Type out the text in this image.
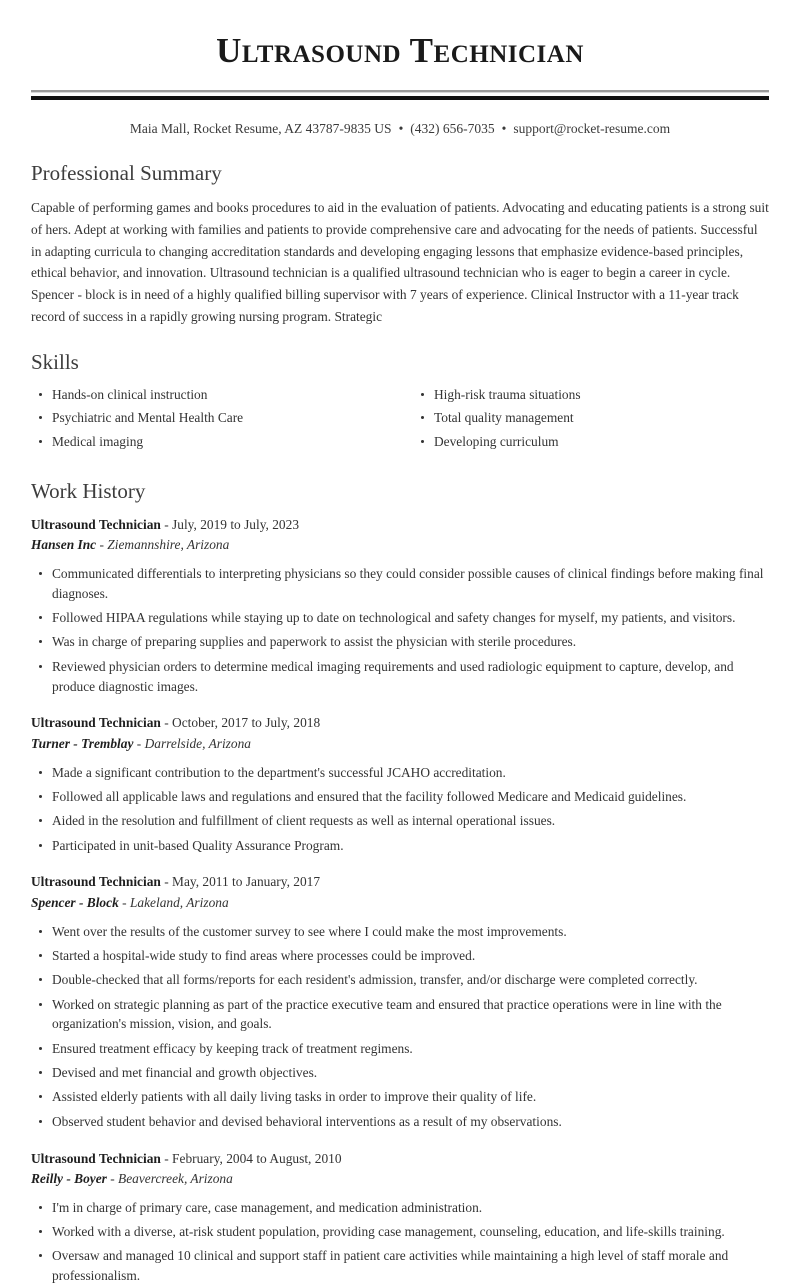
Ultrasound Technician
Maia Mall, Rocket Resume, AZ 43787-9835 US • (432) 656-7035 • support@rocket-resume.com
Professional Summary

Capable of performing games and books procedures to aid in the evaluation of patients. Advocating and educating patients is a strong suit of hers. Adept at working with families and patients to provide comprehensive care and advocating for the needs of patients. Successful in adapting curricula to changing accreditation standards and developing engaging lessons that emphasize evidence-based principles, ethical behavior, and innovation. Ultrasound technician is a qualified ultrasound technician who is eager to begin a career in cycle. Spencer - block is in need of a highly qualified billing supervisor with 7 years of experience. Clinical Instructor with a 11-year track record of success in a rapidly growing nursing program. Strategic

Skills
Hands-on clinical instruction
Psychiatric and Mental Health Care
Medical imaging
High-risk trauma situations
Total quality management
Developing curriculum
Work History
Ultrasound Technician - July, 2019 to July, 2023
Hansen Inc - Ziemannshire, Arizona
Communicated differentials to interpreting physicians so they could consider possible causes of clinical findings before making final diagnoses.
Followed HIPAA regulations while staying up to date on technological and safety changes for myself, my patients, and visitors.
Was in charge of preparing supplies and paperwork to assist the physician with sterile procedures.
Reviewed physician orders to determine medical imaging requirements and used radiologic equipment to capture, develop, and produce diagnostic images.
Ultrasound Technician - October, 2017 to July, 2018
Turner - Tremblay - Darrelside, Arizona
Made a significant contribution to the department's successful JCAHO accreditation.
Followed all applicable laws and regulations and ensured that the facility followed Medicare and Medicaid guidelines.
Aided in the resolution and fulfillment of client requests as well as internal operational issues.
Participated in unit-based Quality Assurance Program.
Ultrasound Technician - May, 2011 to January, 2017
Spencer - Block - Lakeland, Arizona
Went over the results of the customer survey to see where I could make the most improvements.
Started a hospital-wide study to find areas where processes could be improved.
Double-checked that all forms/reports for each resident's admission, transfer, and/or discharge were completed correctly.
Worked on strategic planning as part of the practice executive team and ensured that practice operations were in line with the organization's mission, vision, and goals.
Ensured treatment efficacy by keeping track of treatment regimens.
Devised and met financial and growth objectives.
Assisted elderly patients with all daily living tasks in order to improve their quality of life.
Observed student behavior and devised behavioral interventions as a result of my observations.
Ultrasound Technician - February, 2004 to August, 2010
Reilly - Boyer - Beavercreek, Arizona
I'm in charge of primary care, case management, and medication administration.
Worked with a diverse, at-risk student population, providing case management, counseling, education, and life-skills training.
Oversaw and managed 10 clinical and support staff in patient care activities while maintaining a high level of staff morale and professionalism.
